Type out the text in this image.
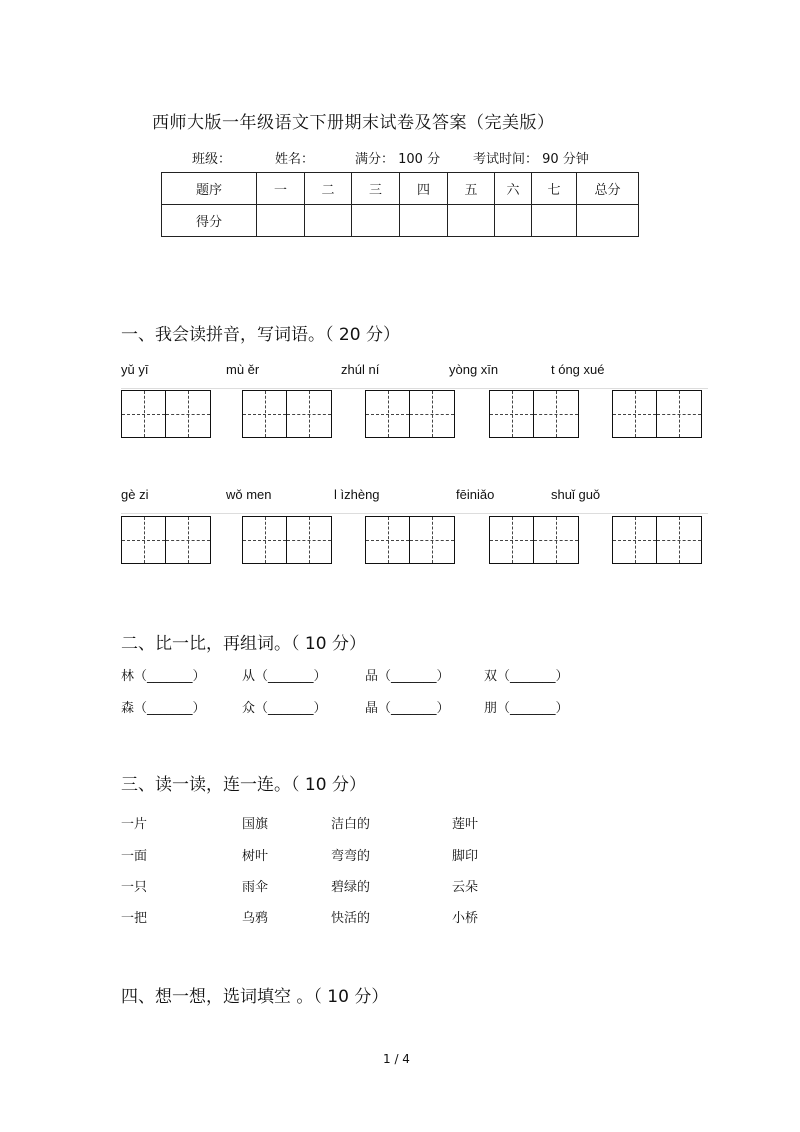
西师大版一年级语文下册期末试卷及答案（完美版）
班级：	姓名：	满分： 100 分	考试时间： 90 分钟
题序	一	二	三	四	五	六	七	总分
得分								
一、我会读拼音，写词语。（ 20 分）
yǔ yī	mù ěr	zhúl ní	yòng xīn	t óng xué
gè zi	wǒ men	l ìzhèng	fēiniǎo	shuǐ guǒ
二、比一比，再组词。（ 10 分）
林（_______）	从（_______）	品（_______）	双（_______）
森（_______）	众（_______）	晶（_______）	朋（_______）
三、读一读，连一连。（ 10 分）
一片	国旗	洁白的	莲叶
一面	树叶	弯弯的	脚印
一只	雨伞	碧绿的	云朵
一把	乌鸦	快活的	小桥
四、想一想，选词填空 。（ 10 分）
1 / 4
